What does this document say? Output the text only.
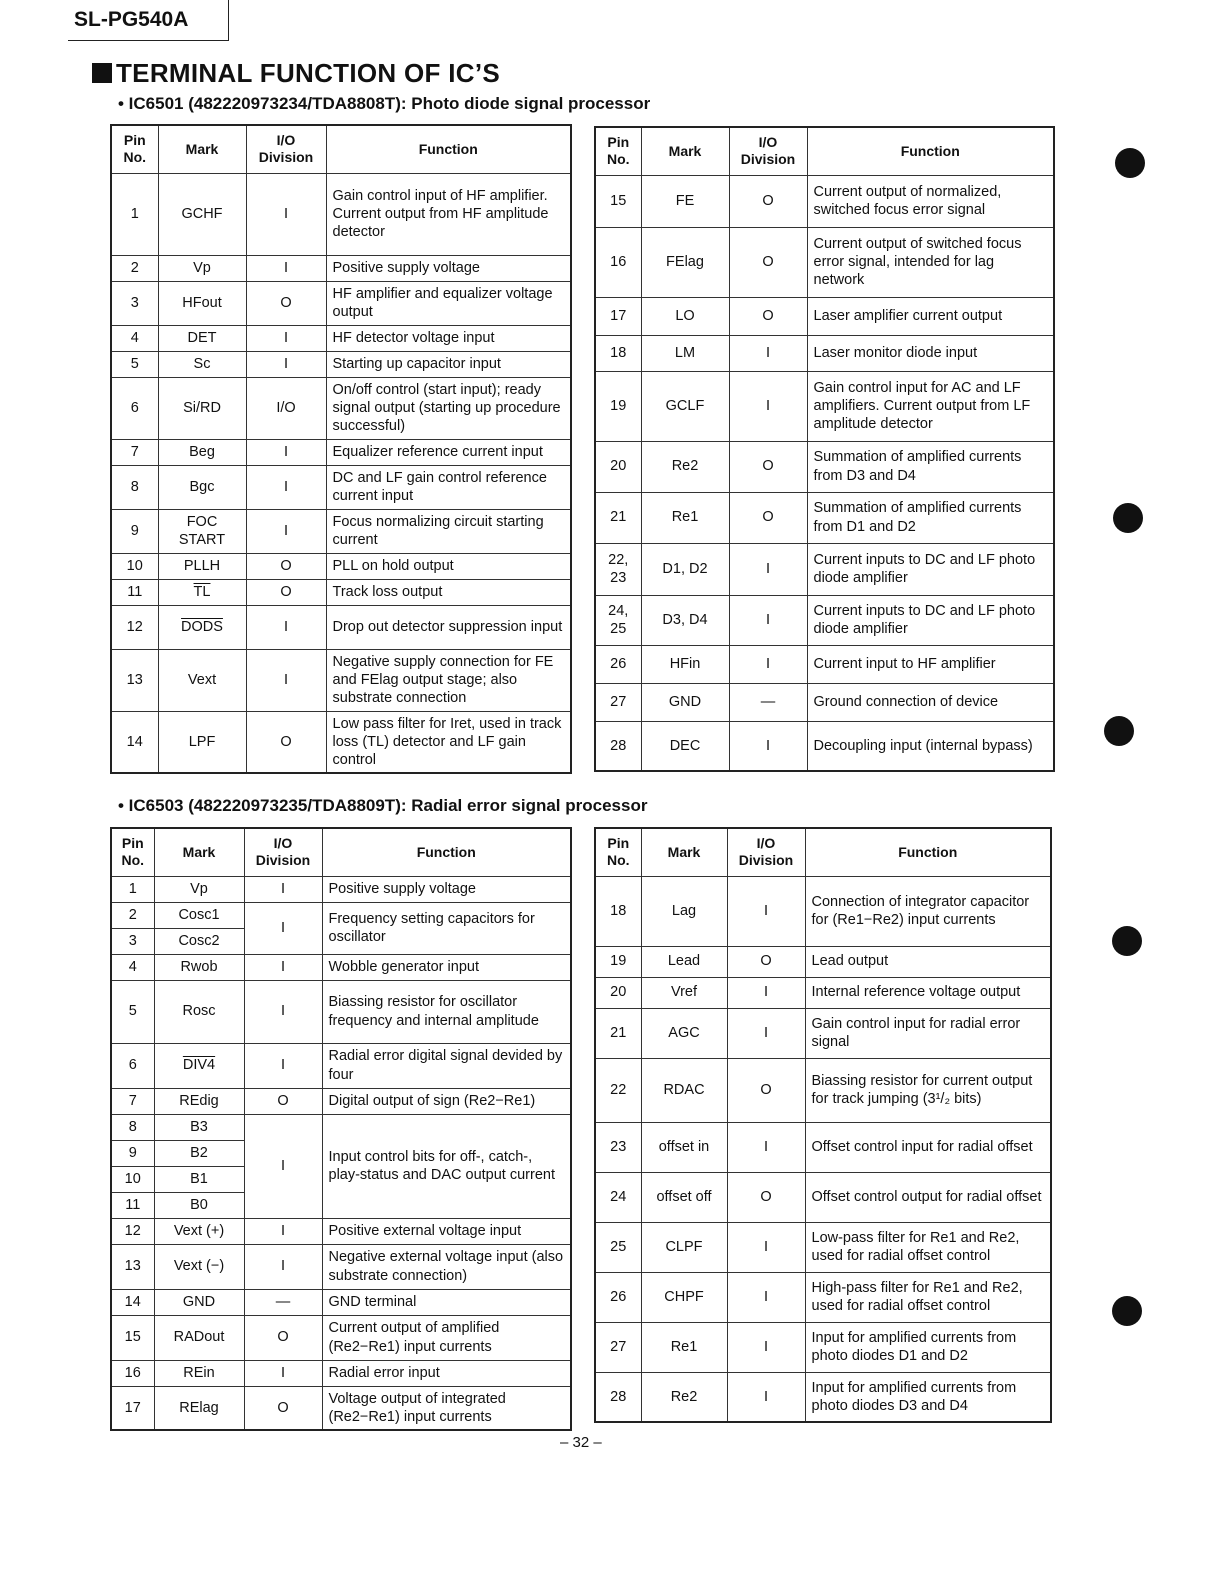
SL-PG540A
TERMINAL FUNCTION OF IC’S
• IC6501 (482220973234/TDA8808T): Photo diode signal processor
Pin No.	Mark	I/O Division	Function
1	GCHF	I	Gain control input of HF amplifier. Current output from HF amplitude detector
2	Vp	I	Positive supply voltage
3	HFout	O	HF amplifier and equalizer voltage output
4	DET	I	HF detector voltage input
5	Sc	I	Starting up capacitor input
6	Si/RD	I/O	On/off control (start input); ready signal output (starting up procedure successful)
7	Beg	I	Equalizer reference current input
8	Bgc	I	DC and LF gain control reference current input
9	FOC START	I	Focus normalizing circuit starting current
10	PLLH	O	PLL on hold output
11	$\overline{TL}$	O	Track loss output
12	DODS	I	Drop out detector suppression input
13	Vext	I	Negative supply connection for FE and FElag output stage; also substrate connection
14	LPF	O	Low pass filter for Iret, used in track loss (TL) detector and LF gain control
Pin No.	Mark	I/O Division	Function
15	FE	O	Current output of normalized, switched focus error signal
16	FElag	O	Current output of switched focus error signal, intended for lag network
17	LO	O	Laser amplifier current output
18	LM	I	Laser monitor diode input
19	GCLF	I	Gain control input for AC and LF amplifiers. Current output from LF amplitude detector
20	Re2	O	Summation of amplified currents from D3 and D4
21	Re1	O	Summation of amplified currents from D1 and D2
22, 23	D1, D2	I	Current inputs to DC and LF photo diode amplifier
24, 25	D3, D4	I	Current inputs to DC and LF photo diode amplifier
26	HFin	I	Current input to HF amplifier
27	GND	—	Ground connection of device
28	DEC	I	Decoupling input (internal bypass)
• IC6503 (482220973235/TDA8809T): Radial error signal processor
Pin No.	Mark	I/O Division	Function
1	Vp	I	Positive supply voltage
2	Cosc1	I	Frequency setting capacitors for oscillator
3	Cosc2		
4	Rwob	I	Wobble generator input
5	Rosc	I	Biassing resistor for oscillator frequency and internal amplitude
6	DIV4	I	Radial error digital signal devided by four
7	REdig	O	Digital output of sign (Re2−Re1)
8	B3	I	Input control bits for off-, catch-, play-status and DAC output current
9	B2		
10	B1		
11	B0		
12	Vext (+)	I	Positive external voltage input
13	Vext (−)	I	Negative external voltage input (also substrate connection)
14	GND	—	GND terminal
15	RADout	O	Current output of amplified (Re2−Re1) input currents
16	REin	I	Radial error input
17	RElag	O	Voltage output of integrated (Re2−Re1) input currents
Pin No.	Mark	I/O Division	Function
18	Lag	I	Connection of integrator capacitor for (Re1−Re2) input currents
19	Lead	O	Lead output
20	Vref	I	Internal reference voltage output
21	AGC	I	Gain control input for radial error signal
22	RDAC	O	Biassing resistor for current output for track jumping (3¹/₂ bits)
23	offset in	I	Offset control input for radial offset
24	offset off	O	Offset control output for radial offset
25	CLPF	I	Low-pass filter for Re1 and Re2, used for radial offset control
26	CHPF	I	High-pass filter for Re1 and Re2, used for radial offset control
27	Re1	I	Input for amplified currents from photo diodes D1 and D2
28	Re2	I	Input for amplified currents from photo diodes D3 and D4
– 32 –
